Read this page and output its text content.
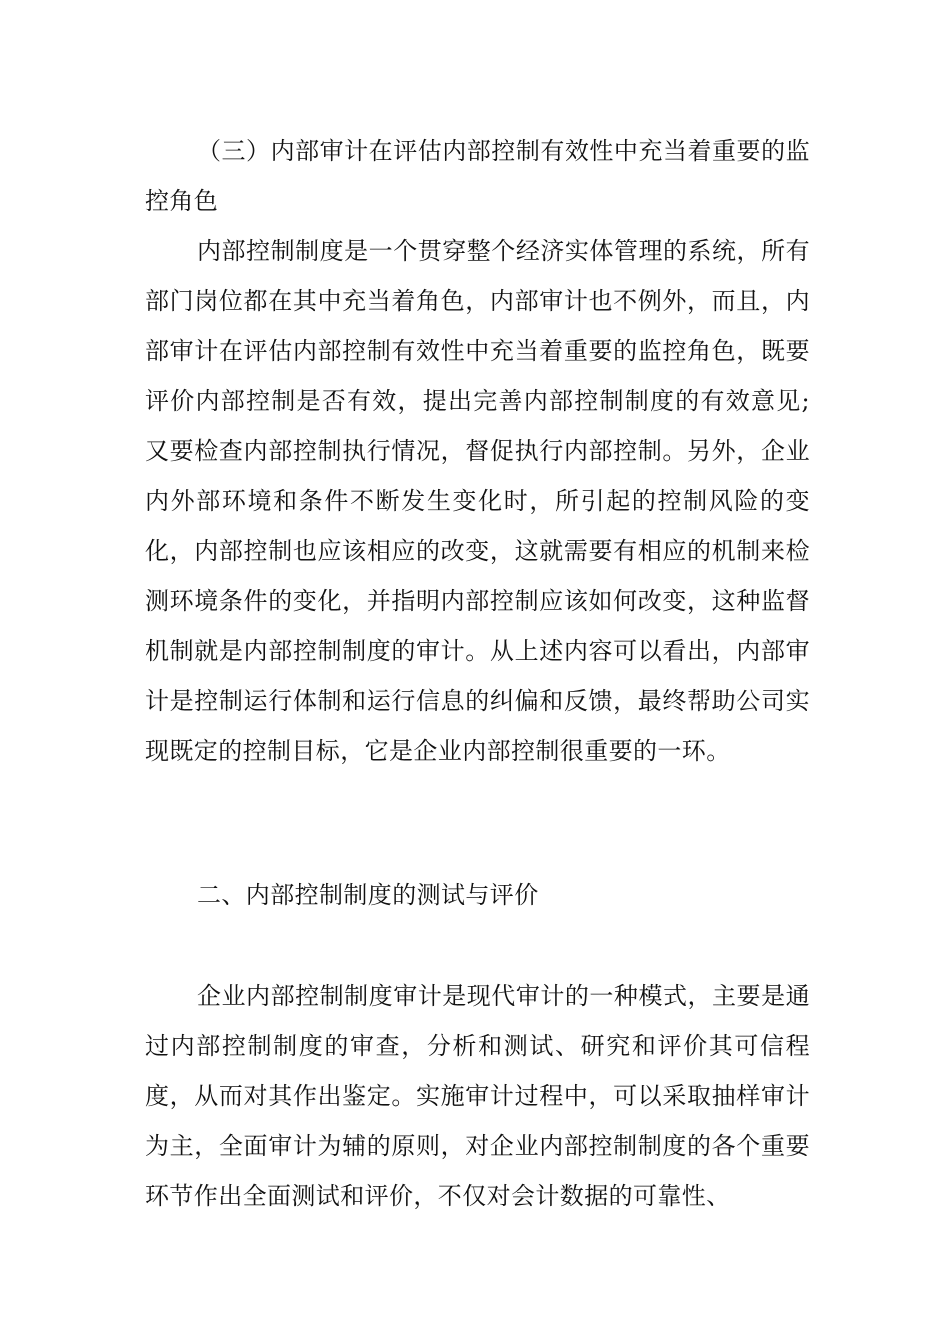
（三）内部审计在评估内部控制有效性中充当着重要的监控角色

内部控制制度是一个贯穿整个经济实体管理的系统，所有部门岗位都在其中充当着角色，内部审计也不例外，而且，内部审计在评估内部控制有效性中充当着重要的监控角色，既要评价内部控制是否有效，提出完善内部控制制度的有效意见;又要检查内部控制执行情况，督促执行内部控制。另外，企业内外部环境和条件不断发生变化时，所引起的控制风险的变化，内部控制也应该相应的改变，这就需要有相应的机制来检测环境条件的变化，并指明内部控制应该如何改变，这种监督机制就是内部控制制度的审计。从上述内容可以看出，内部审计是控制运行体制和运行信息的纠偏和反馈，最终帮助公司实现既定的控制目标，它是企业内部控制很重要的一环。

二、内部控制制度的测试与评价

企业内部控制制度审计是现代审计的一种模式，主要是通过内部控制制度的审查，分析和测试、研究和评价其可信程度，从而对其作出鉴定。实施审计过程中，可以采取抽样审计为主，全面审计为辅的原则，对企业内部控制制度的各个重要环节作出全面测试和评价，不仅对会计数据的可靠性、
